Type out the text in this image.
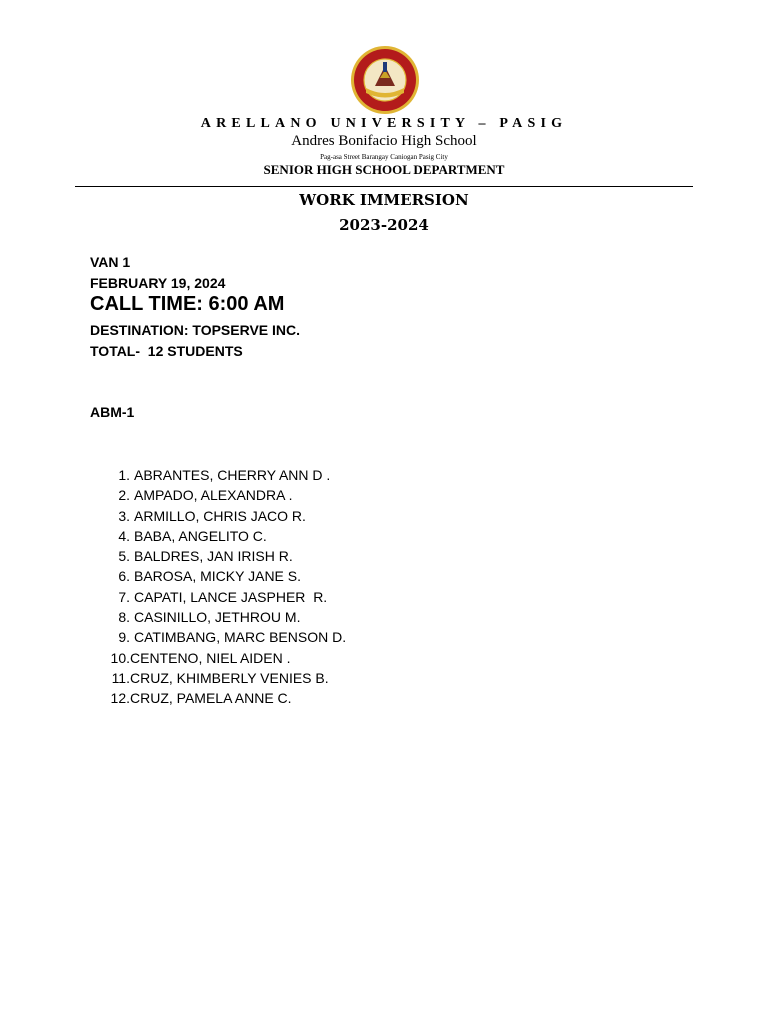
ARELLANO UNIVERSITY – PASIG
Andres Bonifacio High School
Pag-asa Street Barangay Caniogan Pasig City
SENIOR HIGH SCHOOL DEPARTMENT
WORK IMMERSION
2023-2024
VAN 1
FEBRUARY 19, 2024
CALL TIME: 6:00 AM
DESTINATION: TOPSERVE INC.
TOTAL-  12 STUDENTS
ABM-1
1. ABRANTES, CHERRY ANN D .
2. AMPADO, ALEXANDRA .
3. ARMILLO, CHRIS JACO R.
4. BABA, ANGELITO C.
5. BALDRES, JAN IRISH R.
6. BAROSA, MICKY JANE S.
7. CAPATI, LANCE JASPHER  R.
8. CASINILLO, JETHROU M.
9. CATIMBANG, MARC BENSON D.
10. CENTENO, NIEL AIDEN .
11. CRUZ, KHIMBERLY VENIES B.
12. CRUZ, PAMELA ANNE C.
